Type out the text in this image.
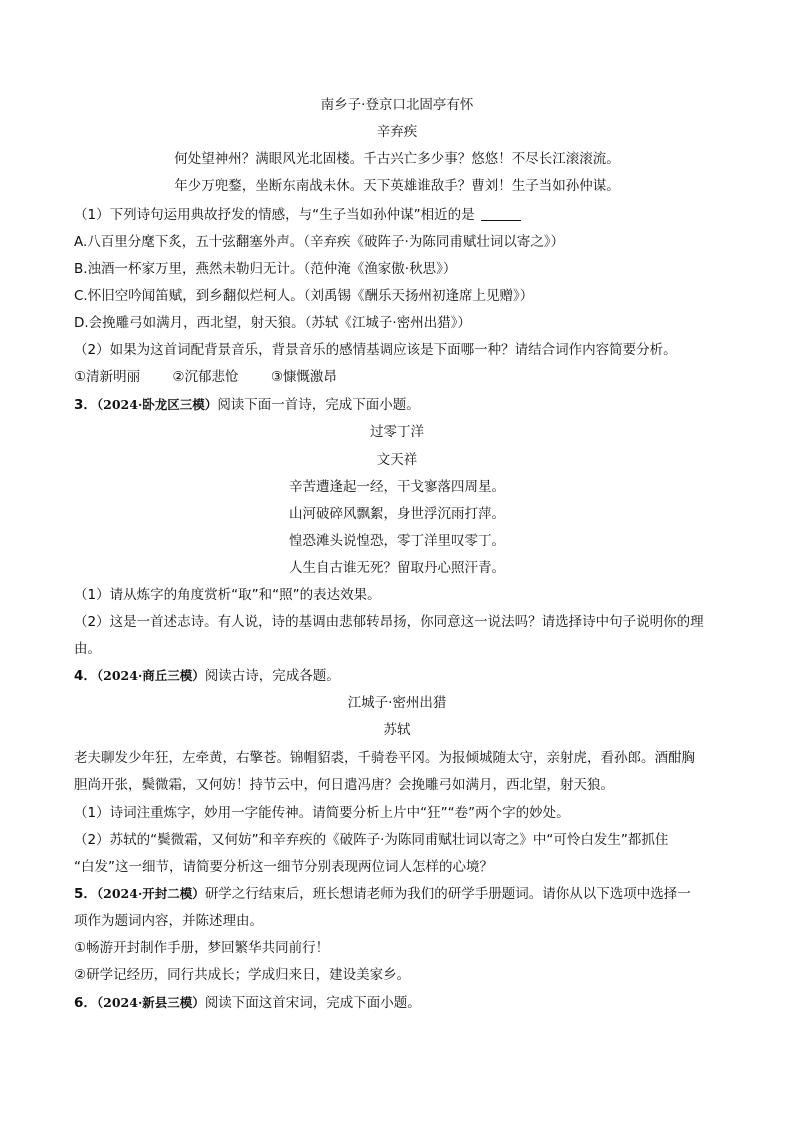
南乡子·登京口北固亭有怀
辛弃疾
何处望神州？满眼风光北固楼。千古兴亡多少事？悠悠！不尽长江滚滚流。
年少万兜鍪，坐断东南战未休。天下英雄谁敌手？曹刘！生子当如孙仲谋。
（1）下列诗句运用典故抒发的情感，与“生子当如孙仲谋”相近的是
A.八百里分麾下炙，五十弦翻塞外声。（辛弃疾《破阵子·为陈同甫赋壮词以寄之》）
B.浊酒一杯家万里，燕然未勒归无计。（范仲淹《渔家傲·秋思》）
C.怀旧空吟闻笛赋，到乡翻似烂柯人。（刘禹锡《酬乐天扬州初逢席上见赠》）
D.会挽雕弓如满月，西北望，射天狼。（苏轼《江城子·密州出猎》）
（2）如果为这首词配背景音乐，背景音乐的感情基调应该是下面哪一种？请结合词作内容简要分析。
①清新明丽 ②沉郁悲怆 ③慷慨激昂
3．（2024·卧龙区三模）阅读下面一首诗，完成下面小题。
过零丁洋
文天祥
辛苦遭逢起一经，干戈寥落四周星。
山河破碎风飘絮，身世浮沉雨打萍。
惶恐滩头说惶恐，零丁洋里叹零丁。
人生自古谁无死？留取丹心照汗青。
（1）请从炼字的角度赏析“取”和“照”的表达效果。
（2）这是一首述志诗。有人说，诗的基调由悲郁转昂扬，你同意这一说法吗？请选择诗中句子说明你的理
由。
4．（2024·商丘三模）阅读古诗，完成各题。
江城子·密州出猎
苏轼
老夫聊发少年狂，左牵黄，右擎苍。锦帽貂裘，千骑卷平冈。为报倾城随太守，亲射虎，看孙郎。酒酣胸
胆尚开张，鬓微霜，又何妨！持节云中，何日遣冯唐？会挽雕弓如满月，西北望，射天狼。
（1）诗词注重炼字，妙用一字能传神。请简要分析上片中“狂”“卷”两个字的妙处。
（2）苏轼的“鬓微霜，又何妨”和辛弃疾的《破阵子·为陈同甫赋壮词以寄之》中“可怜白发生”都抓住
“白发”这一细节，请简要分析这一细节分别表现两位词人怎样的心境？
5．（2024·开封二模）研学之行结束后，班长想请老师为我们的研学手册题词。请你从以下选项中选择一
项作为题词内容，并陈述理由。
①畅游开封制作手册，梦回繁华共同前行！
②研学记经历，同行共成长；学成归来日，建设美家乡。
6．（2024·新县三模）阅读下面这首宋词，完成下面小题。
